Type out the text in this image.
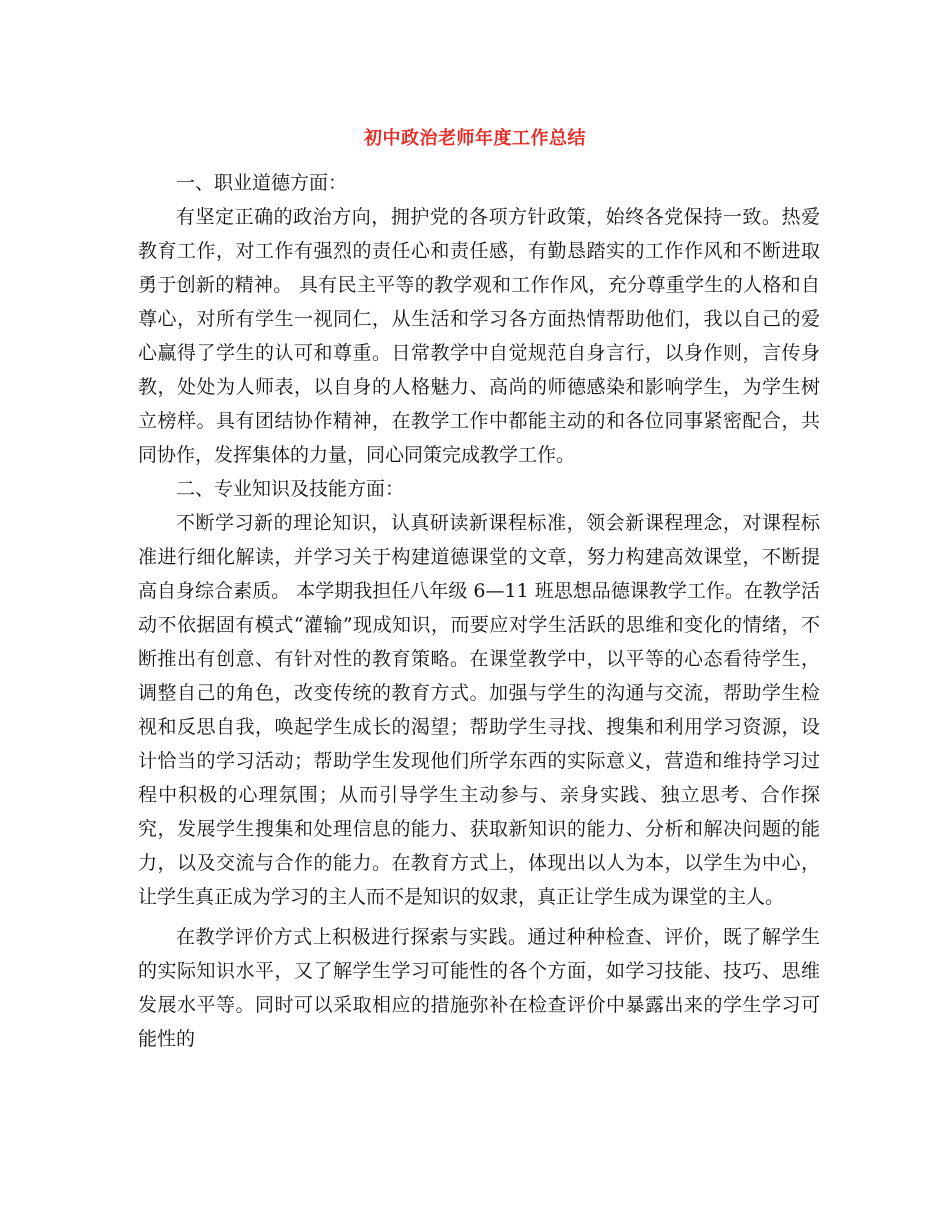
初中政治老师年度工作总结

一、职业道德方面：

有坚定正确的政治方向，拥护党的各项方针政策，始终各党保持一致。热爱教育工作，对工作有强烈的责任心和责任感，有勤恳踏实的工作作风和不断进取勇于创新的精神。 具有民主平等的教学观和工作作风，充分尊重学生的人格和自尊心，对所有学生一视同仁，从生活和学习各方面热情帮助他们，我以自己的爱心赢得了学生的认可和尊重。日常教学中自觉规范自身言行，以身作则，言传身教，处处为人师表，以自身的人格魅力、高尚的师德感染和影响学生，为学生树立榜样。具有团结协作精神，在教学工作中都能主动的和各位同事紧密配合，共同协作，发挥集体的力量，同心同策完成教学工作。

二、专业知识及技能方面：

不断学习新的理论知识，认真研读新课程标准，领会新课程理念，对课程标准进行细化解读，并学习关于构建道德课堂的文章，努力构建高效课堂，不断提高自身综合素质。 本学期我担任八年级 6—11 班思想品德课教学工作。在教学活动不依据固有模式“灌输”现成知识，而要应对学生活跃的思维和变化的情绪，不断推出有创意、有针对性的教育策略。在课堂教学中，以平等的心态看待学生，调整自己的角色，改变传统的教育方式。加强与学生的沟通与交流，帮助学生检视和反思自我，唤起学生成长的渴望；帮助学生寻找、搜集和利用学习资源，设计恰当的学习活动；帮助学生发现他们所学东西的实际意义，营造和维持学习过程中积极的心理氛围；从而引导学生主动参与、亲身实践、独立思考、合作探究，发展学生搜集和处理信息的能力、获取新知识的能力、分析和解决问题的能力，以及交流与合作的能力。在教育方式上，体现出以人为本，以学生为中心，让学生真正成为学习的主人而不是知识的奴隶，真正让学生成为课堂的主人。

在教学评价方式上积极进行探索与实践。通过种种检查、评价，既了解学生的实际知识水平，又了解学生学习可能性的各个方面，如学习技能、技巧、思维发展水平等。同时可以采取相应的措施弥补在检查评价中暴露出来的学生学习可能性的
